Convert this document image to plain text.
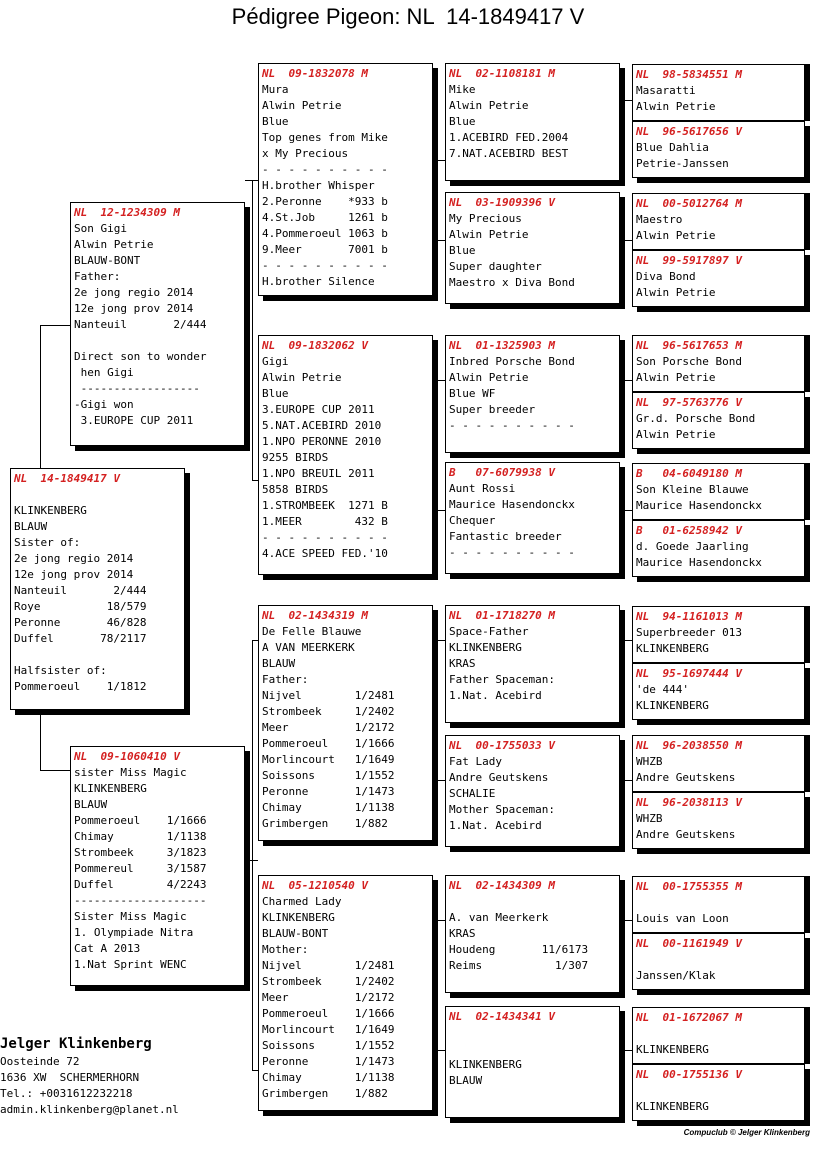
Pédigree Pigeon: NL  14-1849417 V
NL  14-1849417 V
KLINKENBERG
BLAUW
Sister of:
2e jong regio 2014
12e jong prov 2014
Nanteuil       2/444
Roye          18/579
Peronne       46/828
Duffel       78/2117
Halfsister of:
Pommeroeul    1/1812
NL  12-1234309 M
Son Gigi
Alwin Petrie
BLAUW-BONT
Father:
2e jong regio 2014
12e jong prov 2014
Nanteuil       2/444
Direct son to wonder
hen Gigi
------------------
-Gigi won
3.EUROPE CUP 2011
NL  09-1060410 V
sister Miss Magic
KLINKENBERG
BLAUW
Pommeroeul    1/1666
Chimay        1/1138
Strombeek     3/1823
Pommereul     3/1587
Duffel        4/2243
--------------------
Sister Miss Magic
1. Olympiade Nitra
Cat A 2013
1.Nat Sprint WENC
NL  09-1832078 M
Mura
Alwin Petrie
Blue
Top genes from Mike
x My Precious
- - - - - - - - - -
H.brother Whisper
2.Peronne    *933 b
4.St.Job     1261 b
4.Pommeroeul 1063 b
9.Meer       7001 b
- - - - - - - - - -
H.brother Silence
NL  09-1832062 V
Gigi
Alwin Petrie
Blue
3.EUROPE CUP 2011
5.NAT.ACEBIRD 2010
1.NPO PERONNE 2010
9255 BIRDS
1.NPO BREUIL 2011
5858 BIRDS
1.STROMBEEK  1271 B
1.MEER        432 B
- - - - - - - - - -
4.ACE SPEED FED.'10
NL  02-1434319 M
De Felle Blauwe
A VAN MEERKERK
BLAUW
Father:
Nijvel        1/2481
Strombeek     1/2402
Meer          1/2172
Pommeroeul    1/1666
Morlincourt   1/1649
Soissons      1/1552
Peronne       1/1473
Chimay        1/1138
Grimbergen    1/882
NL  05-1210540 V
Charmed Lady
KLINKENBERG
BLAUW-BONT
Mother:
Nijvel        1/2481
Strombeek     1/2402
Meer          1/2172
Pommeroeul    1/1666
Morlincourt   1/1649
Soissons      1/1552
Peronne       1/1473
Chimay        1/1138
Grimbergen    1/882
NL  02-1108181 M
Mike
Alwin Petrie
Blue
1.ACEBIRD FED.2004
7.NAT.ACEBIRD BEST
NL  03-1909396 V
My Precious
Alwin Petrie
Blue
Super daughter
Maestro x Diva Bond
NL  01-1325903 M
Inbred Porsche Bond
Alwin Petrie
Blue WF
Super breeder
- - - - - - - - - -
B   07-6079938 V
Aunt Rossi
Maurice Hasendonckx
Chequer
Fantastic breeder
- - - - - - - - - -
NL  01-1718270 M
Space-Father
KLINKENBERG
KRAS
Father Spaceman:
1.Nat. Acebird
NL  00-1755033 V
Fat Lady
Andre Geutskens
SCHALIE
Mother Spaceman:
1.Nat. Acebird
NL  02-1434309 M
A. van Meerkerk
KRAS
Houdeng       11/6173
Reims           1/307
NL  02-1434341 V
KLINKENBERG
BLAUW
NL  98-5834551 M
Masaratti
Alwin Petrie
NL  96-5617656 V
Blue Dahlia
Petrie-Janssen
NL  00-5012764 M
Maestro
Alwin Petrie
NL  99-5917897 V
Diva Bond
Alwin Petrie
NL  96-5617653 M
Son Porsche Bond
Alwin Petrie
NL  97-5763776 V
Gr.d. Porsche Bond
Alwin Petrie
B   04-6049180 M
Son Kleine Blauwe
Maurice Hasendonckx
B   01-6258942 V
d. Goede Jaarling
Maurice Hasendonckx
NL  94-1161013 M
Superbreeder 013
KLINKENBERG
NL  95-1697444 V
'de 444'
KLINKENBERG
NL  96-2038550 M
WHZB
Andre Geutskens
NL  96-2038113 V
WHZB
Andre Geutskens
NL  00-1755355 M
Louis van Loon
NL  00-1161949 V
Janssen/Klak
NL  01-1672067 M
KLINKENBERG
NL  00-1755136 V
KLINKENBERG
Jelger Klinkenberg
Oosteinde 72
1636 XW  SCHERMERHORN
Tel.: +0031612232218
admin.klinkenberg@planet.nl
Compuclub © Jelger Klinkenberg
